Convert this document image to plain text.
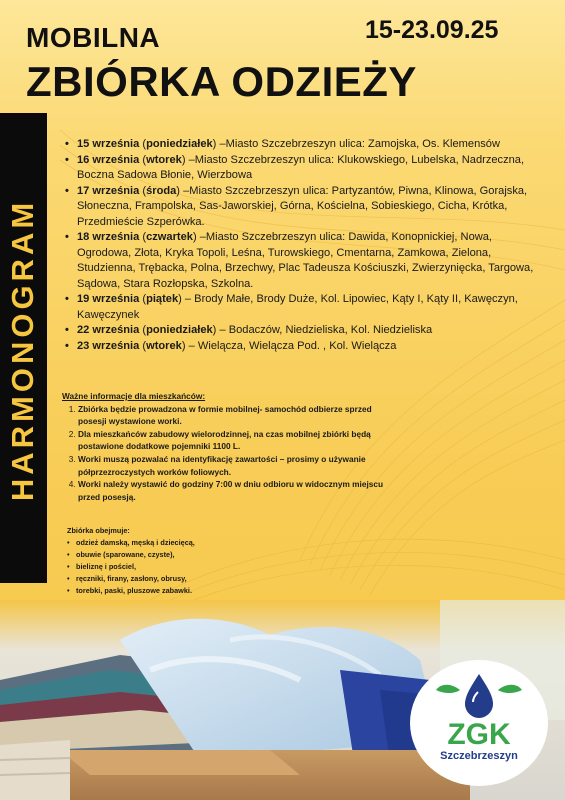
MOBILNA
ZBIÓRKA ODZIEŻY
15-23.09.25
HARMONOGRAM
• 15 września (poniedziałek) –Miasto Szczebrzeszyn ulica: Zamojska, Os. Klemensów
• 16 września (wtorek) –Miasto Szczebrzeszyn ulica: Klukowskiego, Lubelska, Nadrzeczna, Boczna Sadowa Błonie, Wierzbowa
• 17 września (środa) –Miasto Szczebrzeszyn ulica: Partyzantów, Piwna, Klinowa, Gorajska, Słoneczna, Frampolska, Sas-Jaworskiej, Górna, Kościelna, Sobieskiego, Cicha, Krótka, Przedmieście Szperówka.
• 18 września (czwartek) –Miasto Szczebrzeszyn ulica: Dawida, Konopnickiej, Nowa, Ogrodowa, Złota, Kryka Topoli, Leśna, Turowskiego, Cmentarna, Zamkowa, Zielona, Studzienna, Trębacka, Polna, Brzechwy, Plac Tadeusza Kościuszki, Zwierzynięcka, Targowa, Sądowa, Stara Rozłopska, Szkolna.
• 19 września (piątek) – Brody Małe, Brody Duże, Kol. Lipowiec, Kąty I, Kąty II, Kawęczyn, Kawęczynek
• 22 września (poniedziałek) – Bodaczów, Niedzieliska, Kol. Niedzieliska
• 23 września (wtorek) – Wielącza, Wielącza Pod. , Kol. Wielącza
Ważne informacje dla mieszkańców:
1. Zbiórka będzie prowadzona w formie mobilnej- samochód odbierze sprzed posesji wystawione worki.
2. Dla mieszkańców zabudowy wielorodzinnej, na czas mobilnej zbiórki będą postawione dodatkowe pojemniki 1100 L.
3. Worki muszą pozwalać na identyfikację zawartości – prosimy o używanie półprzezroczystych worków foliowych.
4. Worki należy wystawić do godziny 7:00 w dniu odbioru w widocznym miejscu przed posesją.
Zbiórka obejmuje:
• odzież damską, męską i dziecięcą,
• obuwie (sparowane, czyste),
• bieliznę i pościel,
• ręczniki, firany, zasłony, obrusy,
• torebki, paski, pluszowe zabawki.
ZGK
Szczebrzeszyn
